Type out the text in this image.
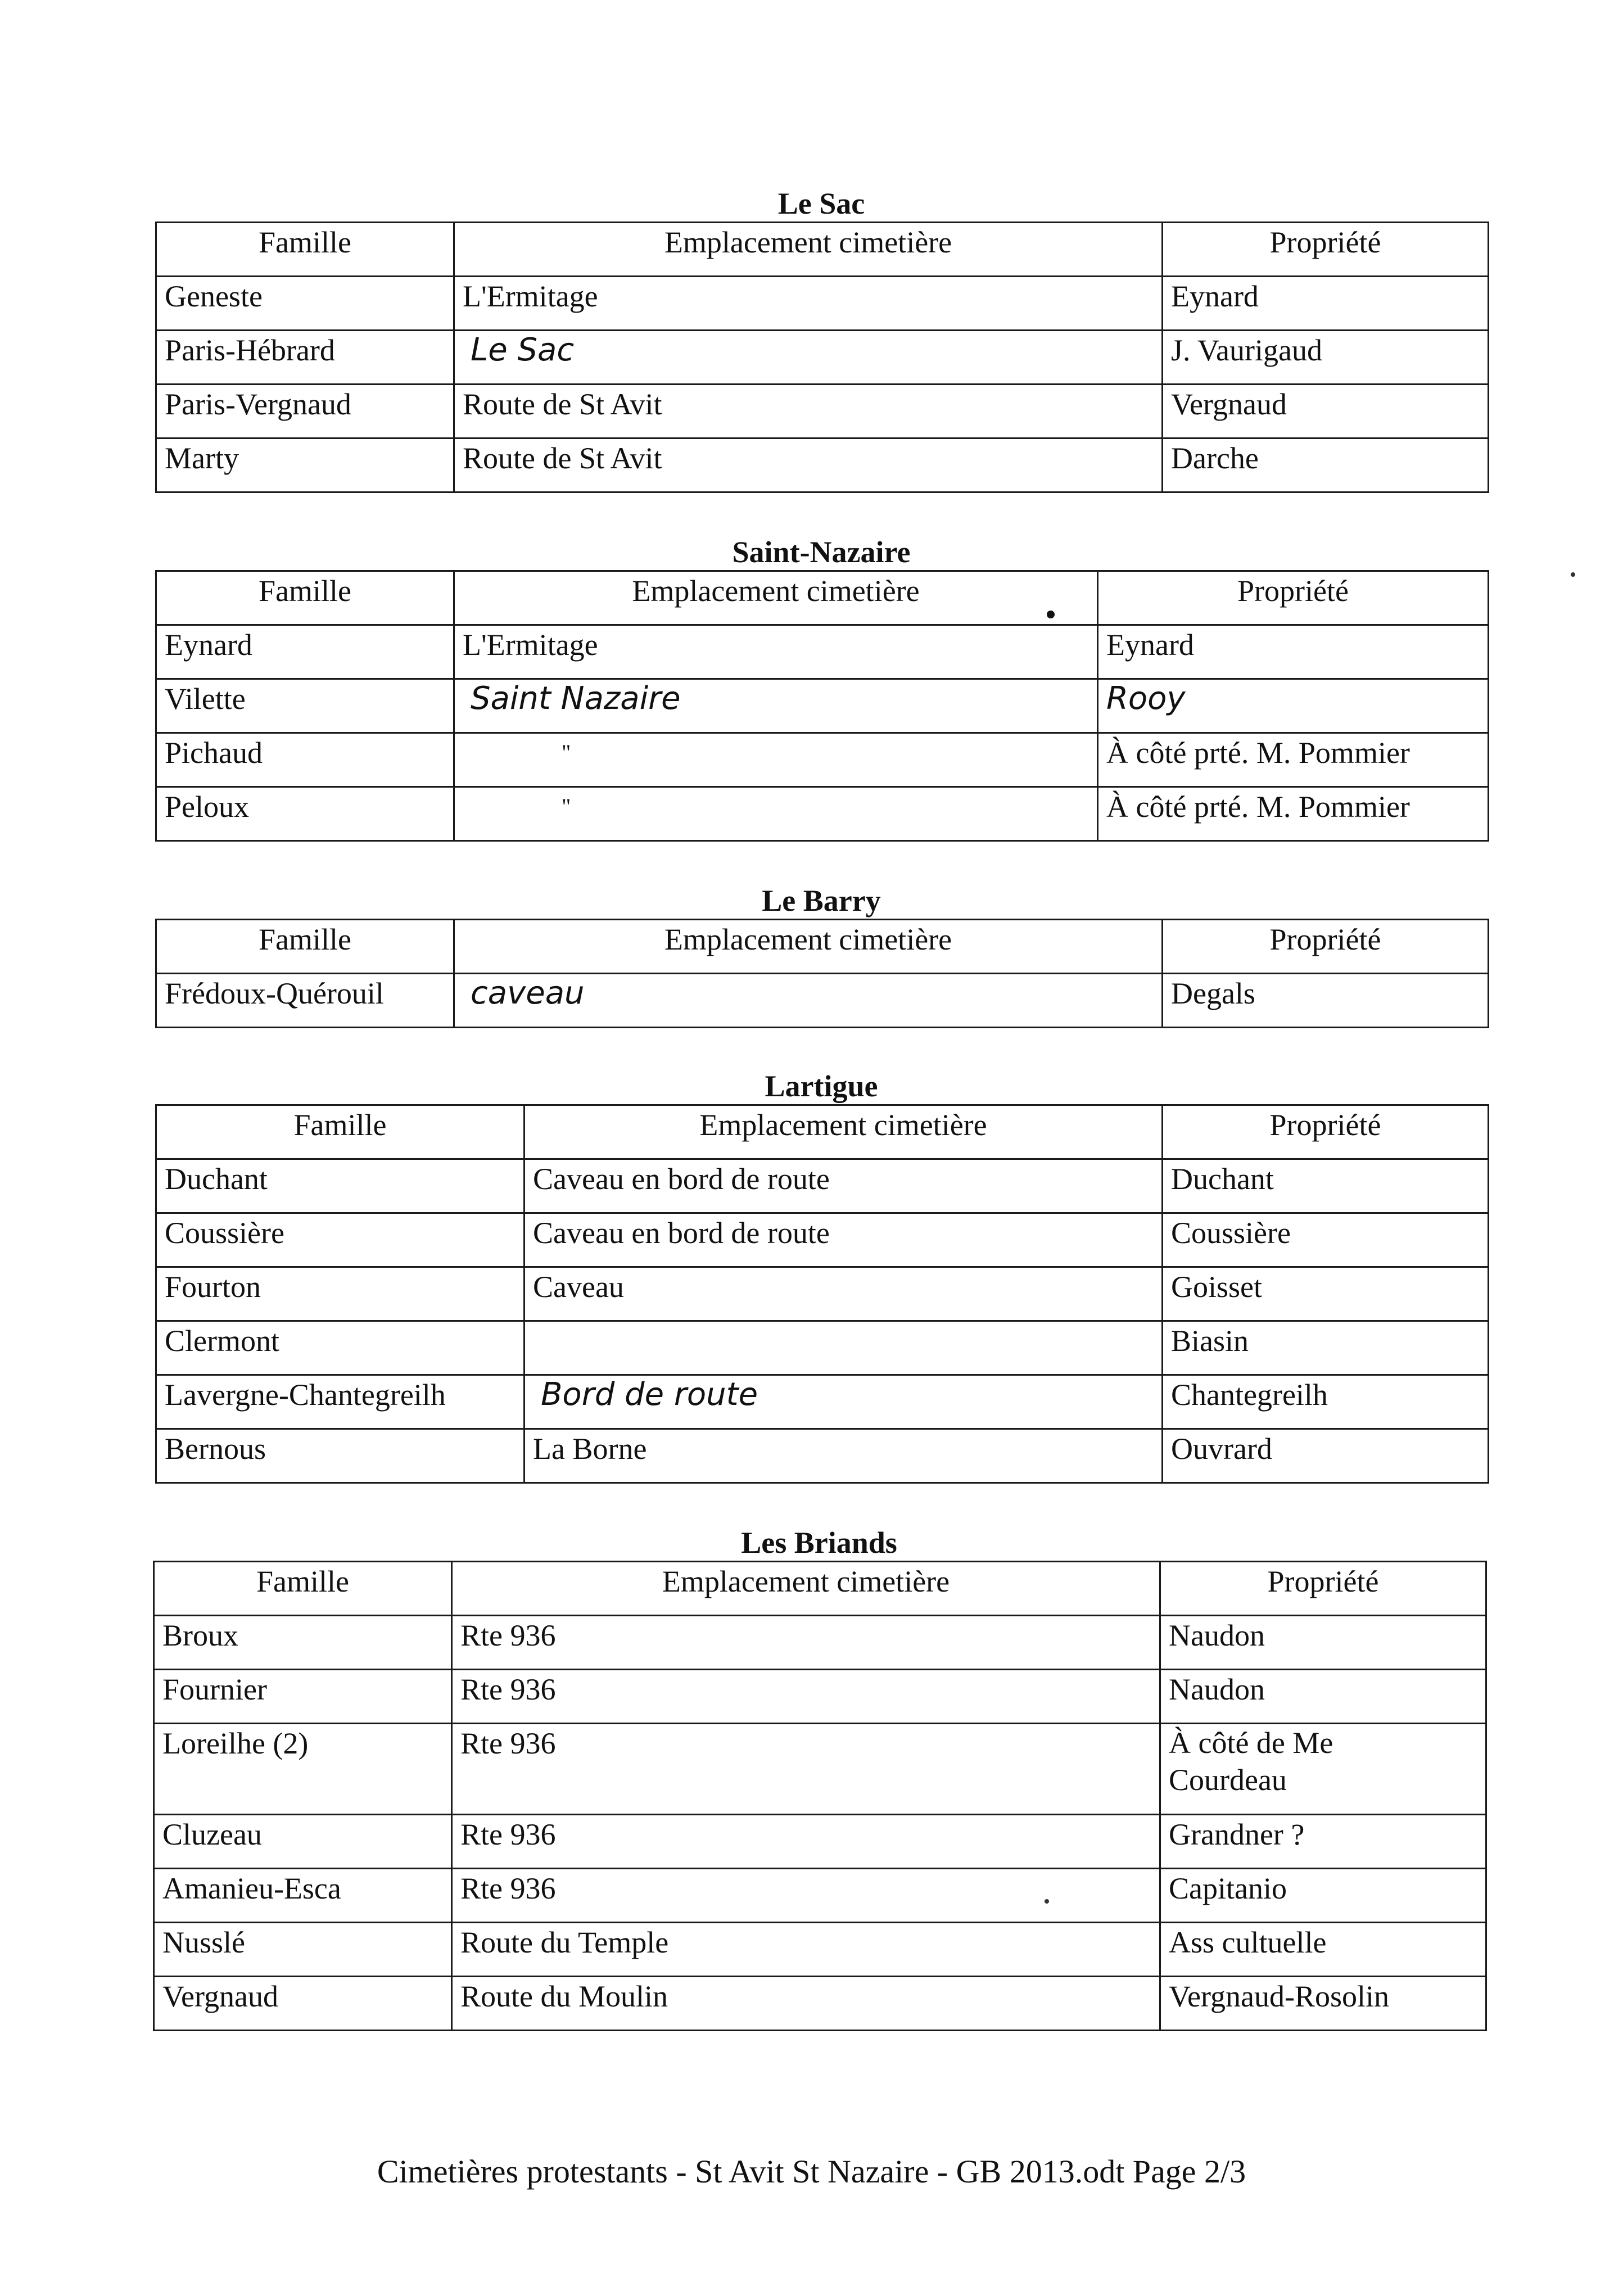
Le Sac
Famille	Emplacement cimetière	Propriété
Geneste	L'Ermitage	Eynard
Paris-Hébrard	Le Sac	J. Vaurigaud
Paris-Vergnaud	Route de St Avit	Vergnaud
Marty	Route de St Avit	Darche
Saint-Nazaire
Famille	Emplacement cimetière	Propriété
Eynard	L'Ermitage	Eynard
Vilette	Saint Nazaire	Rooy
Pichaud	"	À côté prté. M. Pommier
Peloux	"	À côté prté. M. Pommier
Le Barry
Famille	Emplacement cimetière	Propriété
Frédoux-Quérouil	caveau	Degals
Lartigue
Famille	Emplacement cimetière	Propriété
Duchant	Caveau en bord de route	Duchant
Coussière	Caveau en bord de route	Coussière
Fourton	Caveau	Goisset
Clermont		Biasin
Lavergne-Chantegreilh	Bord de route	Chantegreilh
Bernous	La Borne	Ouvrard
Les Briands
Famille	Emplacement cimetière	Propriété
Broux	Rte 936	Naudon
Fournier	Rte 936	Naudon
Loreilhe (2)	Rte 936	À côté de Me
Courdeau
Cluzeau	Rte 936	Grandner ?
Amanieu-Esca	Rte 936	Capitanio
Nusslé	Route du Temple	Ass cultuelle
Vergnaud	Route du Moulin	Vergnaud-Rosolin
Cimetières protestants - St Avit St Nazaire - GB 2013.odt Page 2/3
